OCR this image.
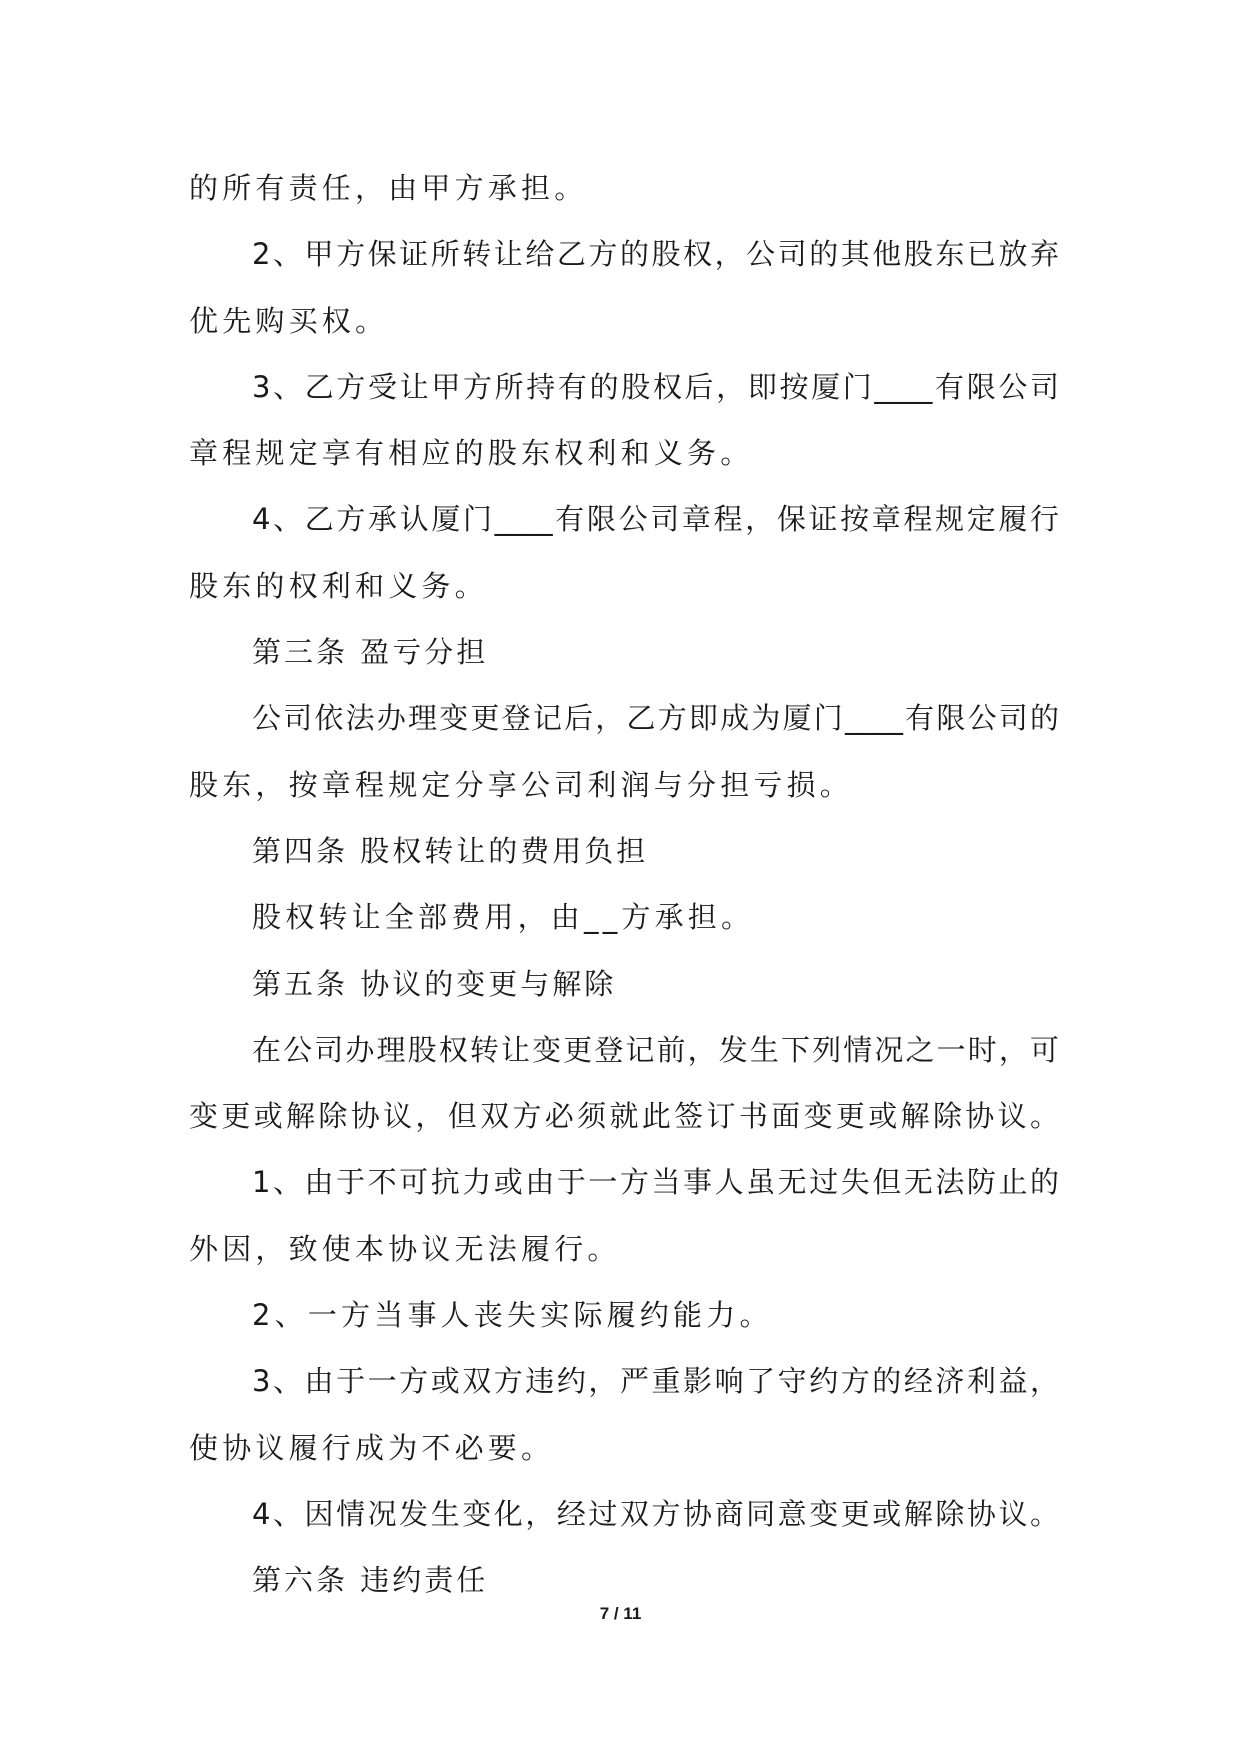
的所有责任，由甲方承担。
2、甲方保证所转让给乙方的股权，公司的其他股东已放弃
优先购买权。
3、乙方受让甲方所持有的股权后，即按厦门____有限公司
章程规定享有相应的股东权利和义务。
4、乙方承认厦门____有限公司章程，保证按章程规定履行
股东的权利和义务。
第三条 盈亏分担
公司依法办理变更登记后，乙方即成为厦门____有限公司的
股东，按章程规定分享公司利润与分担亏损。
第四条 股权转让的费用负担
股权转让全部费用，由__方承担。
第五条 协议的变更与解除
在公司办理股权转让变更登记前，发生下列情况之一时，可
变更或解除协议，但双方必须就此签订书面变更或解除协议。
1、由于不可抗力或由于一方当事人虽无过失但无法防止的
外因，致使本协议无法履行。
2、一方当事人丧失实际履约能力。
3、由于一方或双方违约，严重影响了守约方的经济利益，
使协议履行成为不必要。
4、因情况发生变化，经过双方协商同意变更或解除协议。
第六条 违约责任
7 / 11
